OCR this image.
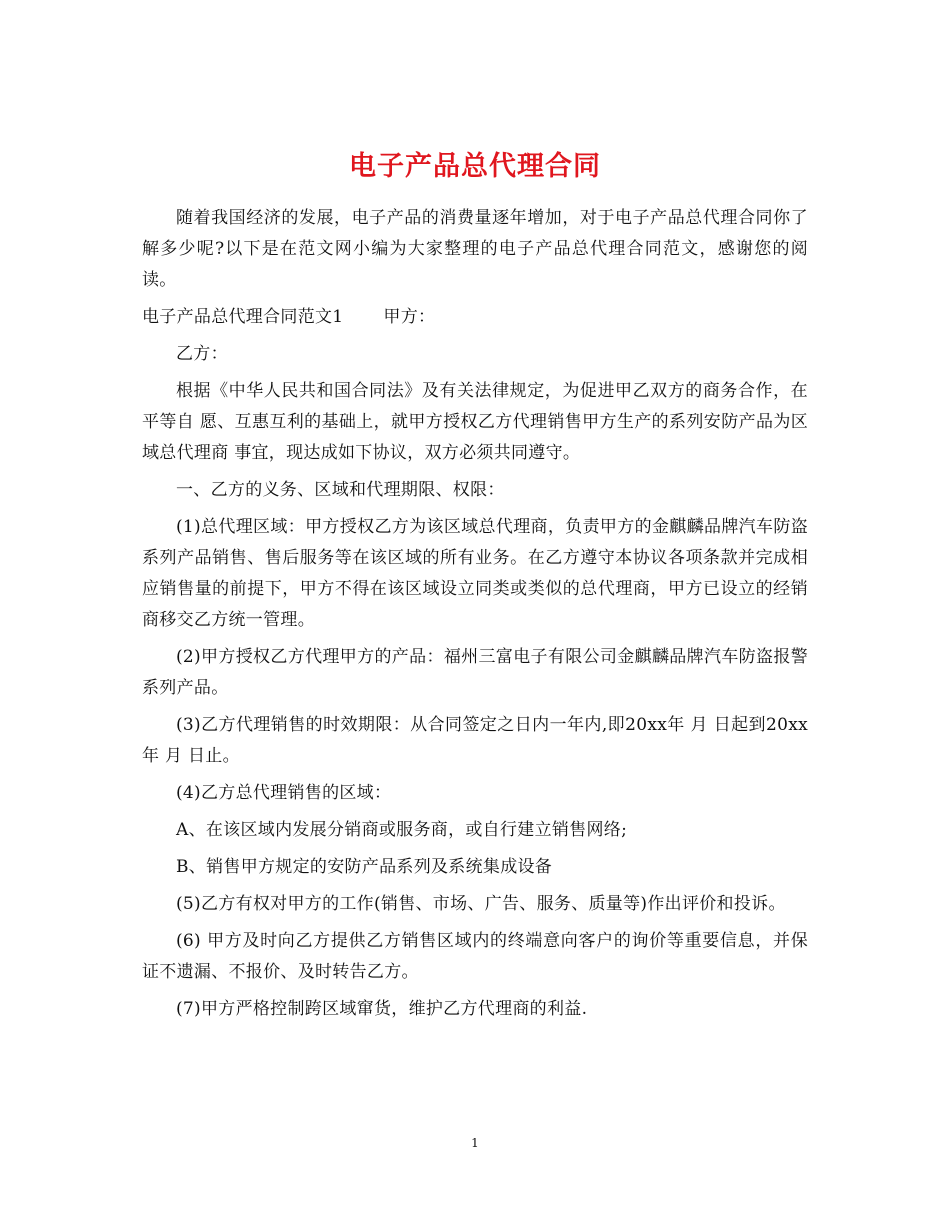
电子产品总代理合同

随着我国经济的发展，电子产品的消费量逐年增加，对于电子产品总代理合同你了解多少呢?以下是在范文网小编为大家整理的电子产品总代理合同范文，感谢您的阅读。

电子产品总代理合同范文1 甲方：

乙方：

根据《中华人民共和国合同法》及有关法律规定，为促进甲乙双方的商务合作，在平等自 愿、互惠互利的基础上，就甲方授权乙方代理销售甲方生产的系列安防产品为区域总代理商 事宜，现达成如下协议，双方必须共同遵守。

一、乙方的义务、区域和代理期限、权限：

(1)总代理区域：甲方授权乙方为该区域总代理商，负责甲方的金麒麟品牌汽车防盗系列产品销售、售后服务等在该区域的所有业务。在乙方遵守本协议各项条款并完成相应销售量的前提下，甲方不得在该区域设立同类或类似的总代理商，甲方已设立的经销商移交乙方统一管理。

(2)甲方授权乙方代理甲方的产品：福州三富电子有限公司金麒麟品牌汽车防盗报警系列产品。

(3)乙方代理销售的时效期限：从合同签定之日内一年内,即20xx年 月 日起到20xx年 月 日止。

(4)乙方总代理销售的区域：

A、在该区域内发展分销商或服务商，或自行建立销售网络;

B、销售甲方规定的安防产品系列及系统集成设备

(5)乙方有权对甲方的工作(销售、市场、广告、服务、质量等)作出评价和投诉。

(6) 甲方及时向乙方提供乙方销售区域内的终端意向客户的询价等重要信息，并保证不遗漏、不报价、及时转告乙方。

(7)甲方严格控制跨区域窜货，维护乙方代理商的利益.

1
